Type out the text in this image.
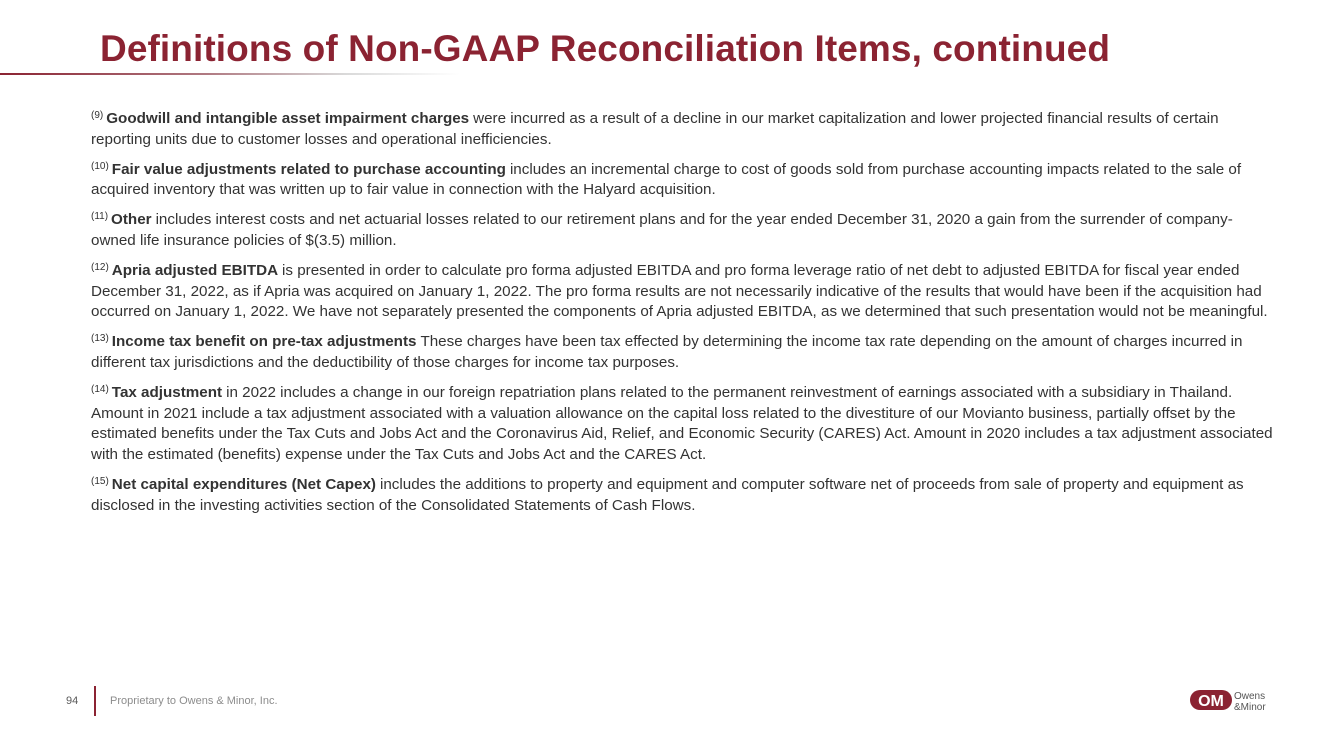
Definitions of Non-GAAP Reconciliation Items, continued

$^{(9)}$ Goodwill and intangible asset impairment charges were incurred as a result of a decline in our market capitalization and lower projected financial results of certain reporting units due to customer losses and operational inefficiencies.

$^{(10)}$ Fair value adjustments related to purchase accounting includes an incremental charge to cost of goods sold from purchase accounting impacts related to the sale of acquired inventory that was written up to fair value in connection with the Halyard acquisition.

$^{(11)}$ Other includes interest costs and net actuarial losses related to our retirement plans and for the year ended December 31, 2020 a gain from the surrender of company-owned life insurance policies of $(3.5) million.

$^{(12)}$ Apria adjusted EBITDA is presented in order to calculate pro forma adjusted EBITDA and pro forma leverage ratio of net debt to adjusted EBITDA for fiscal year ended December 31, 2022, as if Apria was acquired on January 1, 2022. The pro forma results are not necessarily indicative of the results that would have been if the acquisition had occurred on January 1, 2022. We have not separately presented the components of Apria adjusted EBITDA, as we determined that such presentation would not be meaningful.

$^{(13)}$ Income tax benefit on pre-tax adjustments These charges have been tax effected by determining the income tax rate depending on the amount of charges incurred in different tax jurisdictions and the deductibility of those charges for income tax purposes.

$^{(14)}$ Tax adjustment in 2022 includes a change in our foreign repatriation plans related to the permanent reinvestment of earnings associated with a subsidiary in Thailand. Amount in 2021 include a tax adjustment associated with a valuation allowance on the capital loss related to the divestiture of our Movianto business, partially offset by the estimated benefits under the Tax Cuts and Jobs Act and the Coronavirus Aid, Relief, and Economic Security (CARES) Act. Amount in 2020 includes a tax adjustment associated with the estimated (benefits) expense under the Tax Cuts and Jobs Act and the CARES Act.

$^{(15)}$ Net capital expenditures (Net Capex) includes the additions to property and equipment and computer software net of proceeds from sale of property and equipment as disclosed in the investing activities section of the Consolidated Statements of Cash Flows.

94	Proprietary to Owens & Minor, Inc.	OM Owens
&Minor
